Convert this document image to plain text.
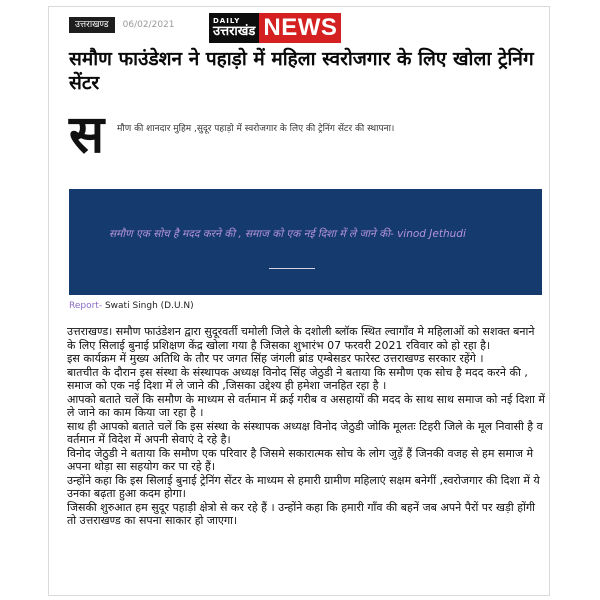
उत्तराखण्ड	06/02/2021	DAILY
उत्तराखंड NEWS
समौण फाउंडेशन ने पहाड़ो में महिला स्वरोजगार के लिए खोला ट्रेनिंग सेंटर
स मौण की शानदार मुहिम ,सुदूर पहाड़ो में स्वरोजगार के लिए की ट्रेनिंग सेंटर की स्थापना।
समौण एक सोच है मदद करने की , समाज को एक नई दिशा में ले जाने की- vinod Jethudi
Report- Swati Singh (D.U.N)

उत्तराखण्ड। समौण फाउंडेशन द्वारा सुदूरवर्ती चमोली जिले के दशोली ब्लॉक स्थित ल्वागाँव मे महिलाओं को सशक्त बनाने के लिए सिलाई बुनाई प्रशिक्षण केंद्र खोला गया है जिसका शुभारंभ 07 फरवरी 2021 रविवार को हो रहा है।

इस कार्यक्रम में मुख्य अतिथि के तौर पर जगत सिंह जंगली ब्रांड एम्बेसडर फारेस्ट उत्तराखण्ड सरकार रहेंगे ।

बातचीत के दौरान इस संस्था के संस्थापक अध्यक्ष विनोद सिंह जेठुडी ने बताया कि समौण एक सोच है मदद करने की , समाज को एक नई दिशा में ले जाने की ,जिसका उद्देश्य ही हमेशा जनहित रहा है ।

आपको बताते चलें कि समौण के माध्यम से वर्तमान में क्रई गरीब व असहायों की मदद के साथ साथ समाज को नई दिशा में ले जाने का काम किया जा रहा है ।

साथ ही आपको बताते चलें कि इस संस्था के संस्थापक अध्यक्ष विनोद जेठुडी जोकि मूलतः टिहरी जिले के मूल निवासी है व वर्तमान में विदेश में अपनी सेवाएं दे रहे है।

विनोद जेठुडी ने बताया कि समौण एक परिवार है जिसमे सकारात्मक सोच के लोग जुड़ें हैं जिनकी वजह से हम समाज मे अपना थोड़ा सा सहयोग कर पा रहे हैं।

उन्होंने कहा कि इस सिलाई बुनाई ट्रेनिंग सेंटर के माध्यम से हमारी ग्रामीण महिलाएं सक्षम बनेगीं ,स्वरोजगार की दिशा में ये उनका बढ़ता हुआ कदम होगा।

जिसकी शुरुआत हम सुदूर पहाड़ी क्षेत्रो से कर रहे हैं । उन्होंने कहा कि हमारी गाँव की बहनें जब अपने पैरों पर खड़ी होंगी तो उत्तराखण्ड का सपना साकार हो जाएगा।
